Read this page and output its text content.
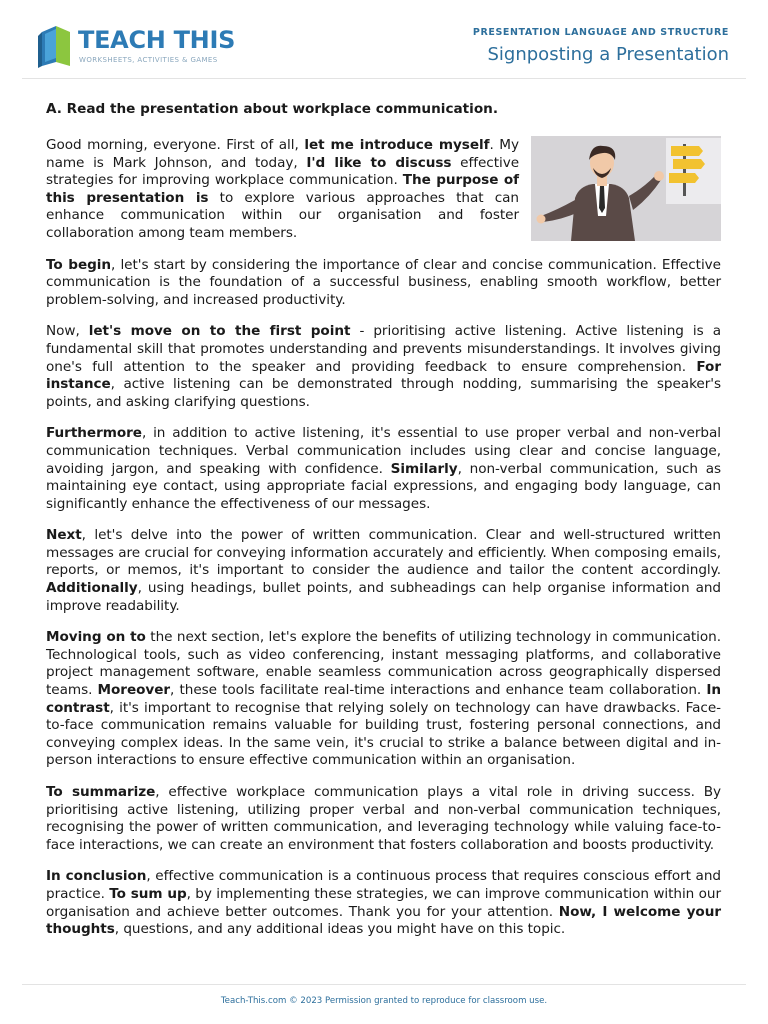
TEACH THIS
WORKSHEETS, ACTIVITIES & GAMES
PRESENTATION LANGUAGE AND STRUCTURE
Signposting a Presentation
A. Read the presentation about workplace communication.

Good morning, everyone. First of all, let me introduce myself. My name is Mark Johnson, and today, I'd like to discuss effective strategies for improving workplace communication. The purpose of this presentation is to explore various approaches that can enhance communication within our organisation and foster collaboration among team members.

To begin, let's start by considering the importance of clear and concise communication. Effective communication is the foundation of a successful business, enabling smooth workflow, better problem-solving, and increased productivity.

Now, let's move on to the first point - prioritising active listening. Active listening is a fundamental skill that promotes understanding and prevents misunderstandings. It involves giving one's full attention to the speaker and providing feedback to ensure comprehension. For instance, active listening can be demonstrated through nodding, summarising the speaker's points, and asking clarifying questions.

Furthermore, in addition to active listening, it's essential to use proper verbal and non-verbal communication techniques. Verbal communication includes using clear and concise language, avoiding jargon, and speaking with confidence. Similarly, non-verbal communication, such as maintaining eye contact, using appropriate facial expressions, and engaging body language, can significantly enhance the effectiveness of our messages.

Next, let's delve into the power of written communication. Clear and well-structured written messages are crucial for conveying information accurately and efficiently. When composing emails, reports, or memos, it's important to consider the audience and tailor the content accordingly. Additionally, using headings, bullet points, and subheadings can help organise information and improve readability.

Moving on to the next section, let's explore the benefits of utilizing technology in communication. Technological tools, such as video conferencing, instant messaging platforms, and collaborative project management software, enable seamless communication across geographically dispersed teams. Moreover, these tools facilitate real-time interactions and enhance team collaboration. In contrast, it's important to recognise that relying solely on technology can have drawbacks. Face-to-face communication remains valuable for building trust, fostering personal connections, and conveying complex ideas. In the same vein, it's crucial to strike a balance between digital and in-person interactions to ensure effective communication within an organisation.

To summarize, effective workplace communication plays a vital role in driving success. By prioritising active listening, utilizing proper verbal and non-verbal communication techniques, recognising the power of written communication, and leveraging technology while valuing face-to-face interactions, we can create an environment that fosters collaboration and boosts productivity.

In conclusion, effective communication is a continuous process that requires conscious effort and practice. To sum up, by implementing these strategies, we can improve communication within our organisation and achieve better outcomes. Thank you for your attention. Now, I welcome your thoughts, questions, and any additional ideas you might have on this topic.

Teach-This.com © 2023 Permission granted to reproduce for classroom use.
